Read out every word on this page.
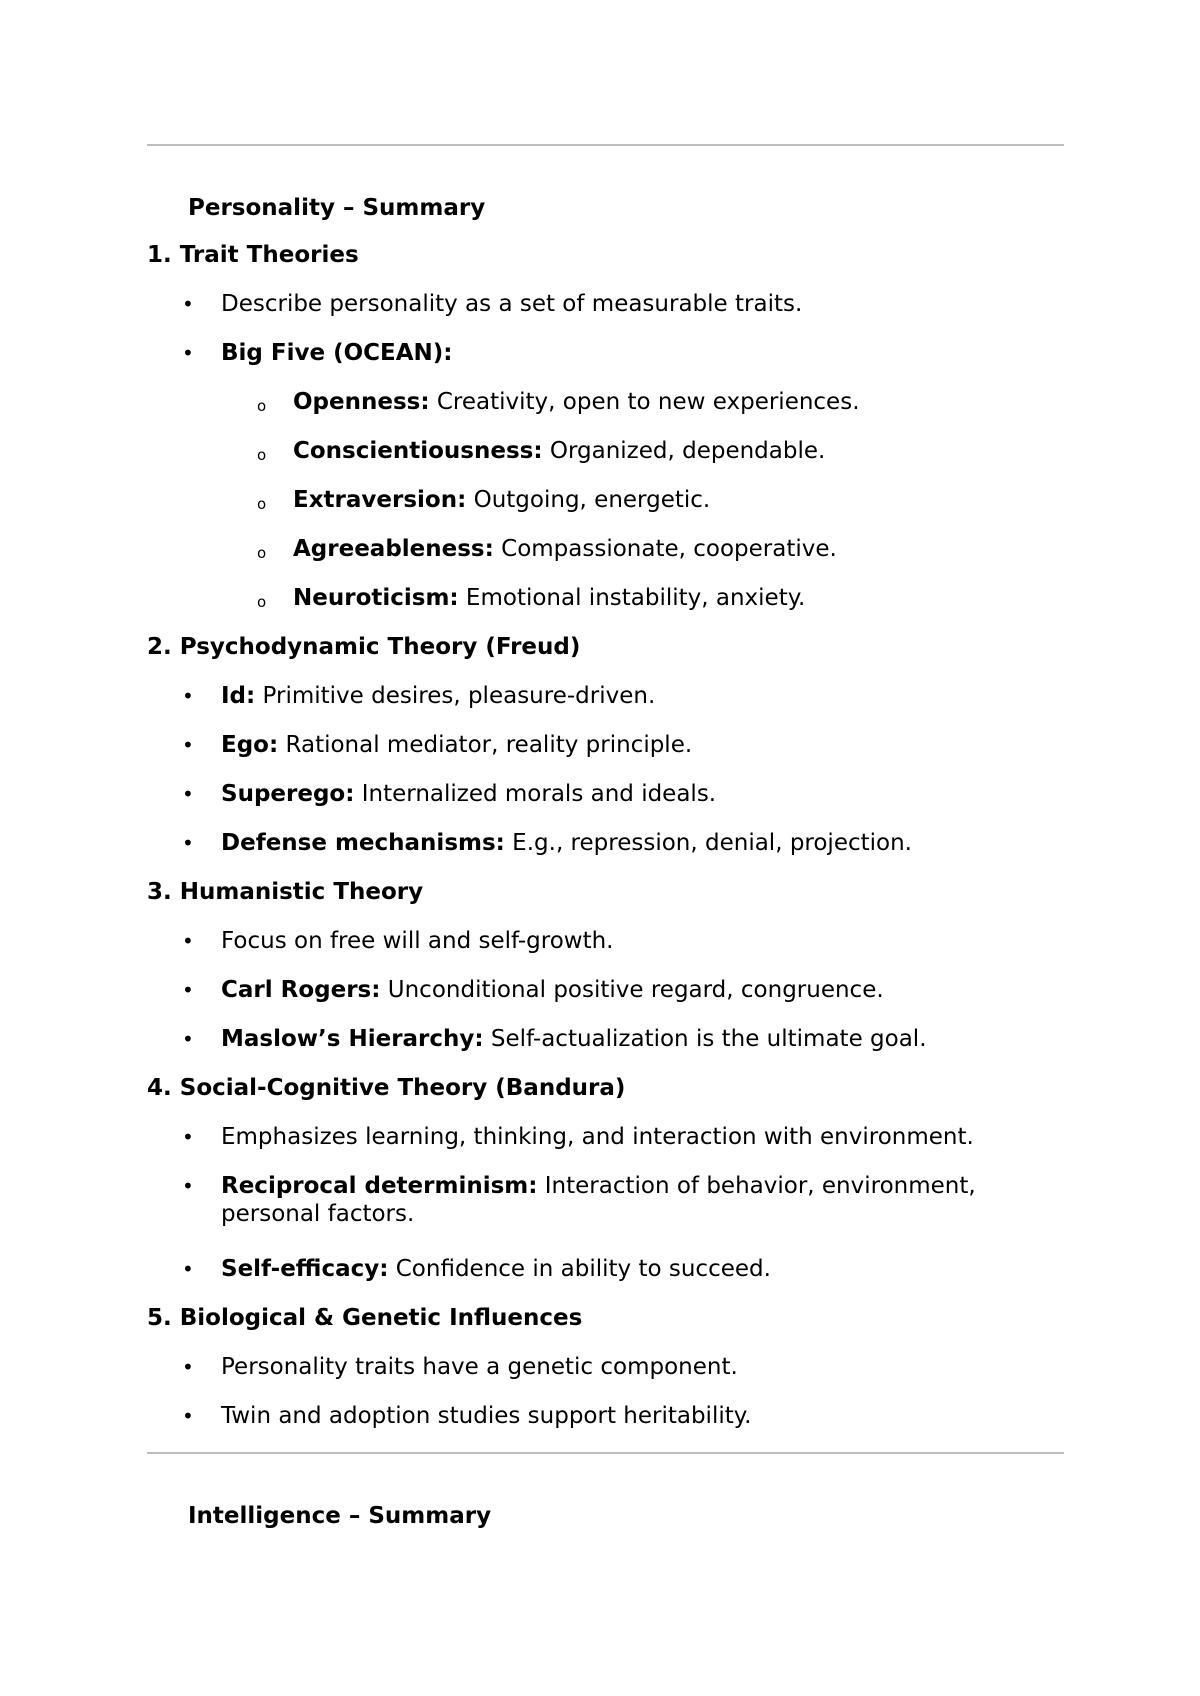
Personality – Summary
1. Trait Theories
• Describe personality as a set of measurable traits.
• Big Five (OCEAN):
o Openness: Creativity, open to new experiences.
o Conscientiousness: Organized, dependable.
o Extraversion: Outgoing, energetic.
o Agreeableness: Compassionate, cooperative.
o Neuroticism: Emotional instability, anxiety.
2. Psychodynamic Theory (Freud)
• Id: Primitive desires, pleasure-driven.
• Ego: Rational mediator, reality principle.
• Superego: Internalized morals and ideals.
• Defense mechanisms: E.g., repression, denial, projection.
3. Humanistic Theory
• Focus on free will and self-growth.
• Carl Rogers: Unconditional positive regard, congruence.
• Maslow’s Hierarchy: Self-actualization is the ultimate goal.
4. Social-Cognitive Theory (Bandura)
• Emphasizes learning, thinking, and interaction with environment.
• Reciprocal determinism: Interaction of behavior, environment, personal factors.
• Self-efficacy: Confidence in ability to succeed.
5. Biological & Genetic Influences
• Personality traits have a genetic component.
• Twin and adoption studies support heritability.
Intelligence – Summary
